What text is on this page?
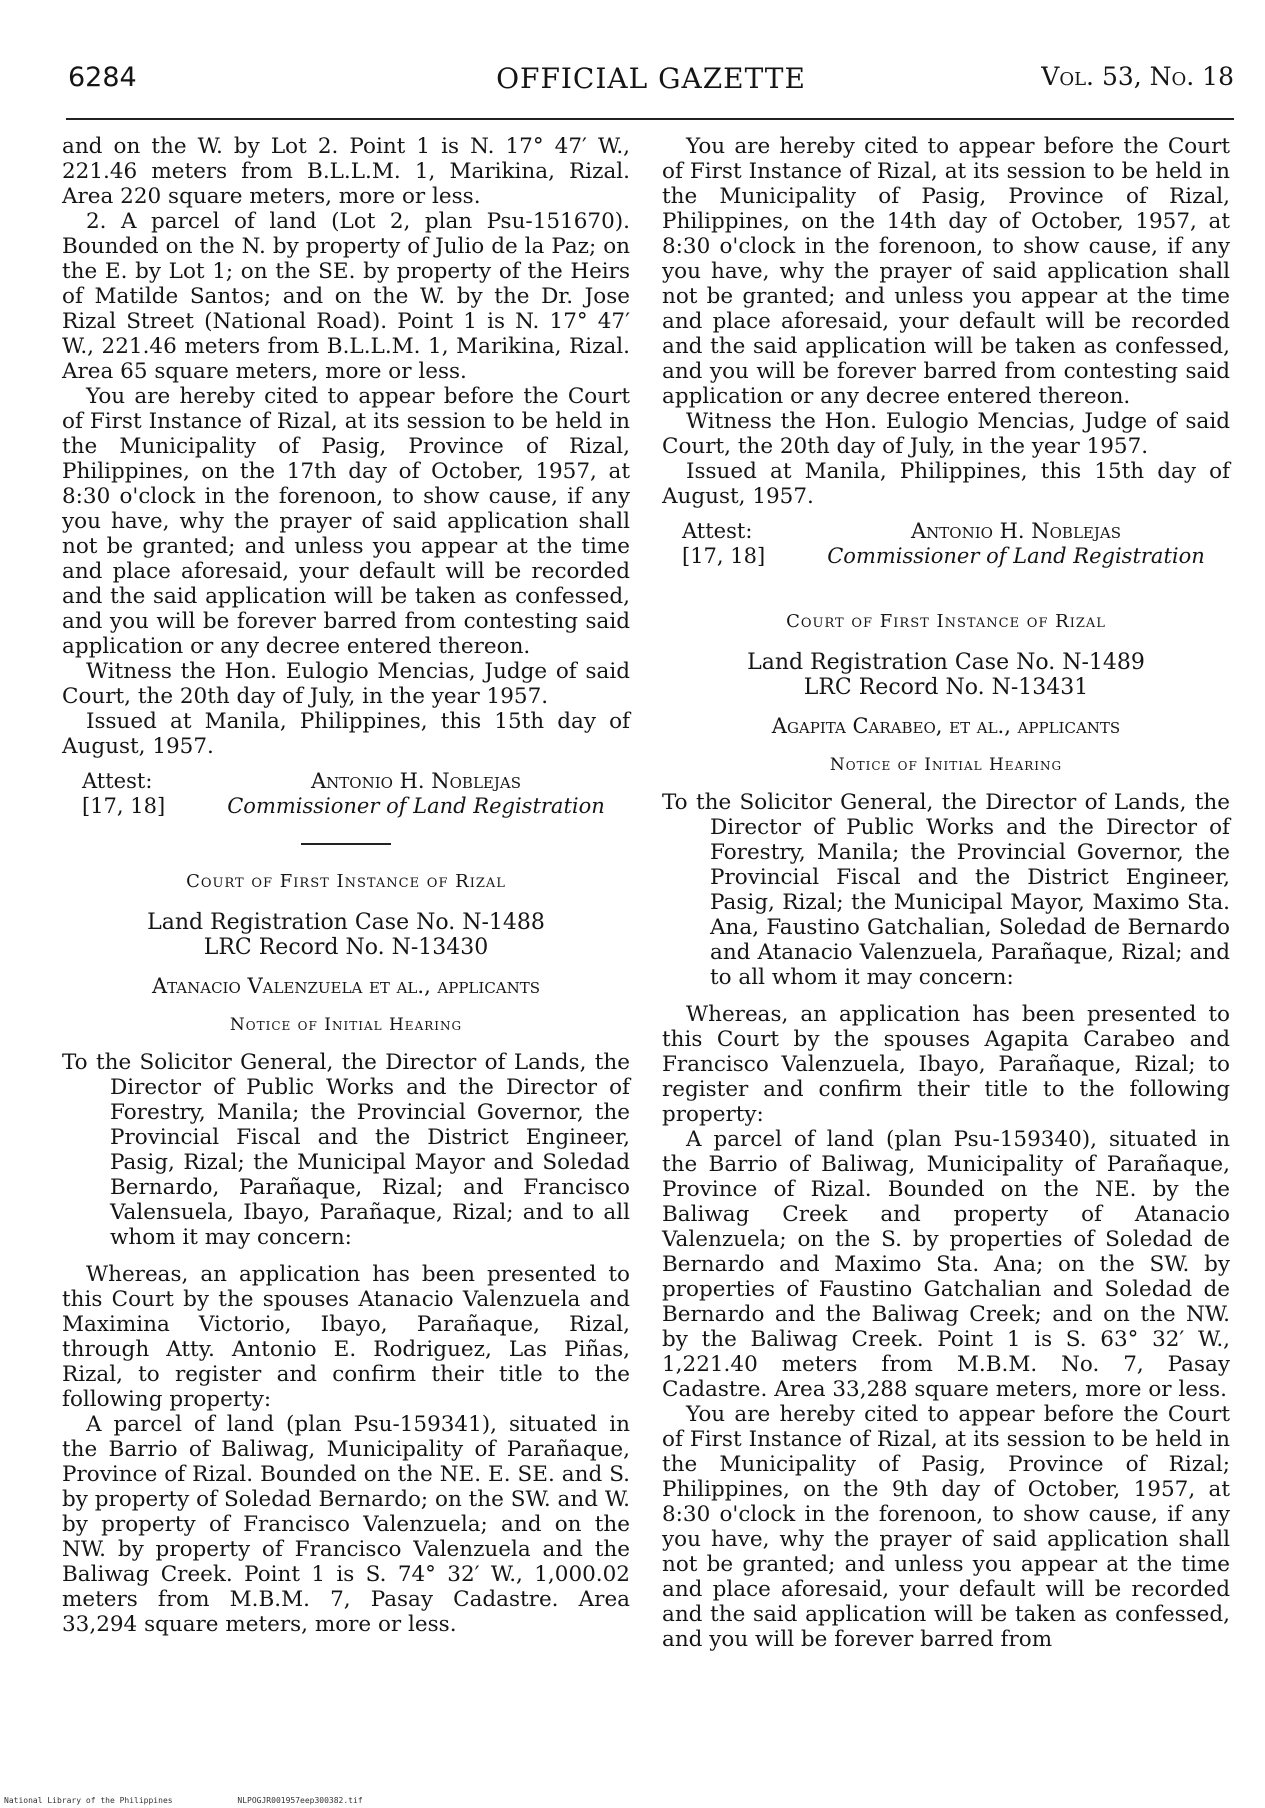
6284	OFFICIAL GAZETTE	Vol. 53, No. 18

and on the W. by Lot 2. Point 1 is N. 17° 47′ W., 221.46 meters from B.L.L.M. 1, Marikina, Rizal. Area 220 square meters, more or less.

2. A parcel of land (Lot 2, plan Psu-151670). Bounded on the N. by property of Julio de la Paz; on the E. by Lot 1; on the SE. by property of the Heirs of Matilde Santos; and on the W. by the Dr. Jose Rizal Street (National Road). Point 1 is N. 17° 47′ W., 221.46 meters from B.L.L.M. 1, Marikina, Rizal. Area 65 square meters, more or less.

You are hereby cited to appear before the Court of First Instance of Rizal, at its session to be held in the Municipality of Pasig, Province of Rizal, Philippines, on the 17th day of October, 1957, at 8:30 o'clock in the forenoon, to show cause, if any you have, why the prayer of said application shall not be granted; and unless you appear at the time and place aforesaid, your default will be recorded and the said application will be taken as confessed, and you will be forever barred from contesting said application or any decree entered thereon.

Witness the Hon. Eulogio Mencias, Judge of said Court, the 20th day of July, in the year 1957.

Issued at Manila, Philippines, this 15th day of August, 1957.

Attest:
[17, 18]
Antonio H. Noblejas
Commissioner of Land Registration
Court of First Instance of Rizal
Land Registration Case No. N-1488
LRC Record No. N-13430
Atanacio Valenzuela et al., applicants
Notice of Initial Hearing

To the Solicitor General, the Director of Lands, the Director of Public Works and the Director of Forestry, Manila; the Provincial Governor, the Provincial Fiscal and the District Engineer, Pasig, Rizal; the Municipal Mayor and Soledad Bernardo, Parañaque, Rizal; and Francisco Valensuela, Ibayo, Parañaque, Rizal; and to all whom it may concern:

Whereas, an application has been presented to this Court by the spouses Atanacio Valenzuela and Maximina Victorio, Ibayo, Parañaque, Rizal, through Atty. Antonio E. Rodriguez, Las Piñas, Rizal, to register and confirm their title to the following property:

A parcel of land (plan Psu-159341), situated in the Barrio of Baliwag, Municipality of Parañaque, Province of Rizal. Bounded on the NE. E. SE. and S. by property of Soledad Bernardo; on the SW. and W. by property of Francisco Valenzuela; and on the NW. by property of Francisco Valenzuela and the Baliwag Creek. Point 1 is S. 74° 32′ W., 1,000.02 meters from M.B.M. 7, Pasay Cadastre. Area 33,294 square meters, more or less.

You are hereby cited to appear before the Court of First Instance of Rizal, at its session to be held in the Municipality of Pasig, Province of Rizal, Philippines, on the 14th day of October, 1957, at 8:30 o'clock in the forenoon, to show cause, if any you have, why the prayer of said application shall not be granted; and unless you appear at the time and place aforesaid, your default will be recorded and the said application will be taken as confessed, and you will be forever barred from contesting said application or any decree entered thereon.

Witness the Hon. Eulogio Mencias, Judge of said Court, the 20th day of July, in the year 1957.

Issued at Manila, Philippines, this 15th day of August, 1957.

Attest:
[17, 18]
Antonio H. Noblejas
Commissioner of Land Registration
Court of First Instance of Rizal
Land Registration Case No. N-1489
LRC Record No. N-13431
Agapita Carabeo, et al., applicants
Notice of Initial Hearing

To the Solicitor General, the Director of Lands, the Director of Public Works and the Director of Forestry, Manila; the Provincial Governor, the Provincial Fiscal and the District Engineer, Pasig, Rizal; the Municipal Mayor, Maximo Sta. Ana, Faustino Gatchalian, Soledad de Bernardo and Atanacio Valenzuela, Parañaque, Rizal; and to all whom it may concern:

Whereas, an application has been presented to this Court by the spouses Agapita Carabeo and Francisco Valenzuela, Ibayo, Parañaque, Rizal; to register and confirm their title to the following property:

A parcel of land (plan Psu-159340), situated in the Barrio of Baliwag, Municipality of Parañaque, Province of Rizal. Bounded on the NE. by the Baliwag Creek and property of Atanacio Valenzuela; on the S. by properties of Soledad de Bernardo and Maximo Sta. Ana; on the SW. by properties of Faustino Gatchalian and Soledad de Bernardo and the Baliwag Creek; and on the NW. by the Baliwag Creek. Point 1 is S. 63° 32′ W., 1,221.40 meters from M.B.M. No. 7, Pasay Cadastre. Area 33,288 square meters, more or less.

You are hereby cited to appear before the Court of First Instance of Rizal, at its session to be held in the Municipality of Pasig, Province of Rizal; Philippines, on the 9th day of October, 1957, at 8:30 o'clock in the forenoon, to show cause, if any you have, why the prayer of said application shall not be granted; and unless you appear at the time and place aforesaid, your default will be recorded and the said application will be taken as confessed, and you will be forever barred from

National Library of the Philippines	NLPOGJR001957eep300382.tif
